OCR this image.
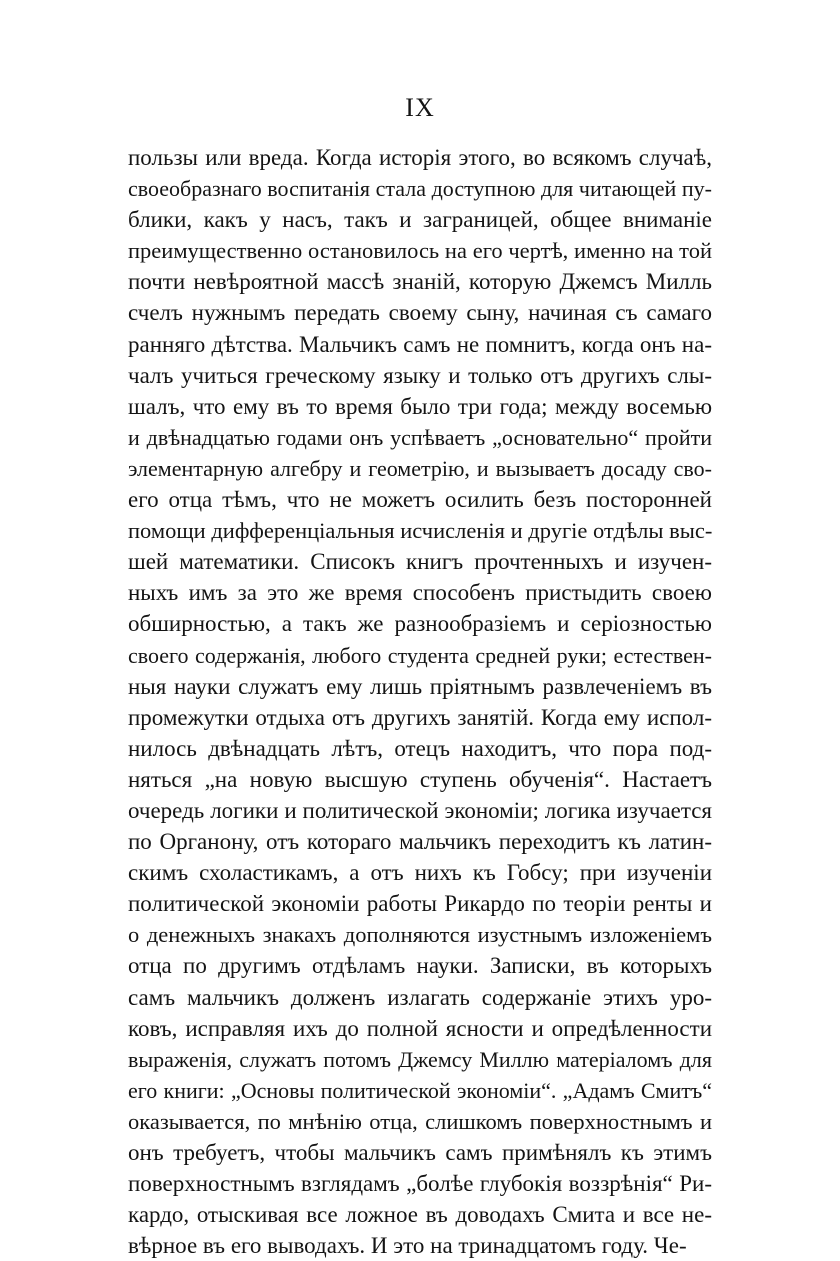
IX
пользы или вреда. Когда исторія этого, во всякомъ случаѣ,
своеобразнаго воспитанія стала доступною для читающей пу-
блики, какъ у насъ, такъ и заграницей, общее вниманіе
преимущественно остановилось на его чертѣ, именно на той
почти невѣроятной массѣ знаній, которую Джемсъ Милль
счелъ нужнымъ передать своему сыну, начиная съ самаго
ранняго дѣтства. Мальчикъ самъ не помнитъ, когда онъ на-
чалъ учиться греческому языку и только отъ другихъ слы-
шалъ, что ему въ то время было три года; между восемью
и двѣнадцатью годами онъ успѣваетъ „основательно“ пройти
элементарную алгебру и геометрію, и вызываетъ досаду сво-
его отца тѣмъ, что не можетъ осилить безъ посторонней
помощи дифференціальныя исчисленія и другіе отдѣлы выс-
шей математики. Списокъ книгъ прочтенныхъ и изучен-
ныхъ имъ за это же время способенъ пристыдить своею
обширностью, а такъ же разнообразіемъ и серіозностью
своего содержанія, любого студента средней руки; естествен-
ныя науки служатъ ему лишь пріятнымъ развлеченіемъ въ
промежутки отдыха отъ другихъ занятій. Когда ему испол-
нилось двѣнадцать лѣтъ, отецъ находитъ, что пора под-
няться „на новую высшую ступень обученія“. Настаетъ
очередь логики и политической экономіи; логика изучается
по Органону, отъ котораго мальчикъ переходитъ къ латин-
скимъ схоластикамъ, а отъ нихъ къ Гобсу; при изученіи
политической экономіи работы Рикардо по теоріи ренты и
о денежныхъ знакахъ дополняются изустнымъ изложеніемъ
отца по другимъ отдѣламъ науки. Записки, въ которыхъ
самъ мальчикъ долженъ излагать содержаніе этихъ уро-
ковъ, исправляя ихъ до полной ясности и опредѣленности
выраженія, служатъ потомъ Джемсу Миллю матеріаломъ для
его книги: „Основы политической экономіи“. „Адамъ Смитъ“
оказывается, по мнѣнію отца, слишкомъ поверхностнымъ и
онъ требуетъ, чтобы мальчикъ самъ примѣнялъ къ этимъ
поверхностнымъ взглядамъ „болѣе глубокія воззрѣнія“ Ри-
кардо, отыскивая все ложное въ доводахъ Смита и все не-
вѣрное въ его выводахъ. И это на тринадцатомъ году. Че-
